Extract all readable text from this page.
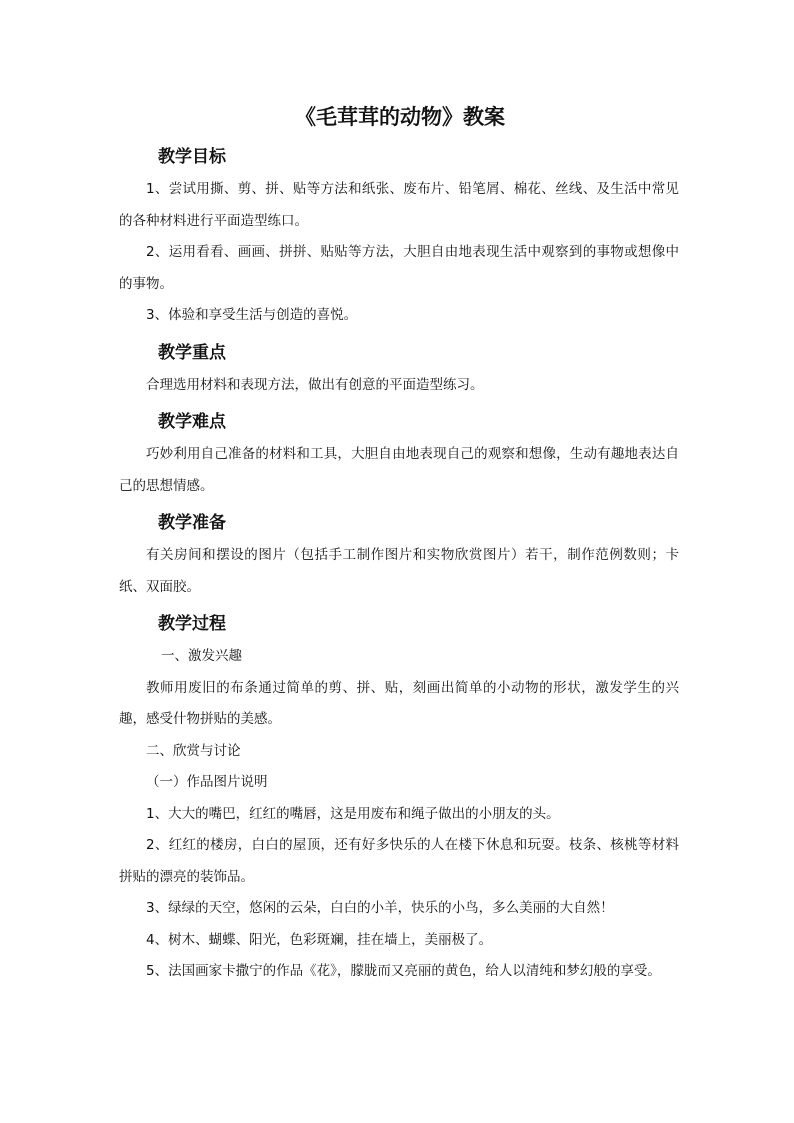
《毛茸茸的动物》教案
教学目标

1、尝试用撕、剪、拼、贴等方法和纸张、废布片、铅笔屑、棉花、丝线、及生活中常见的各种材料进行平面造型练口。

2、运用看看、画画、拼拼、贴贴等方法，大胆自由地表现生活中观察到的事物或想像中的事物。

3、体验和享受生活与创造的喜悦。

教学重点

合理选用材料和表现方法，做出有创意的平面造型练习。

教学难点

巧妙利用自己准备的材料和工具，大胆自由地表现自己的观察和想像，生动有趣地表达自己的思想情感。

教学准备

有关房间和摆设的图片（包括手工制作图片和实物欣赏图片）若干，制作范例数则；卡纸、双面胶。

教学过程

一、激发兴趣

教师用废旧的布条通过简单的剪、拼、贴，刻画出简单的小动物的形状，激发学生的兴趣，感受什物拼贴的美感。

二、欣赏与讨论

（一）作品图片说明

1、大大的嘴巴，红红的嘴唇，这是用废布和绳子做出的小朋友的头。

2、红红的楼房，白白的屋顶，还有好多快乐的人在楼下休息和玩耍。枝条、核桃等材料拼贴的漂亮的装饰品。

3、绿绿的天空，悠闲的云朵，白白的小羊，快乐的小鸟，多么美丽的大自然！

4、树木、蝴蝶、阳光，色彩斑斓，挂在墙上，美丽极了。

5、法国画家卡撒宁的作品《花》，朦胧而又亮丽的黄色，给人以清纯和梦幻般的享受。
